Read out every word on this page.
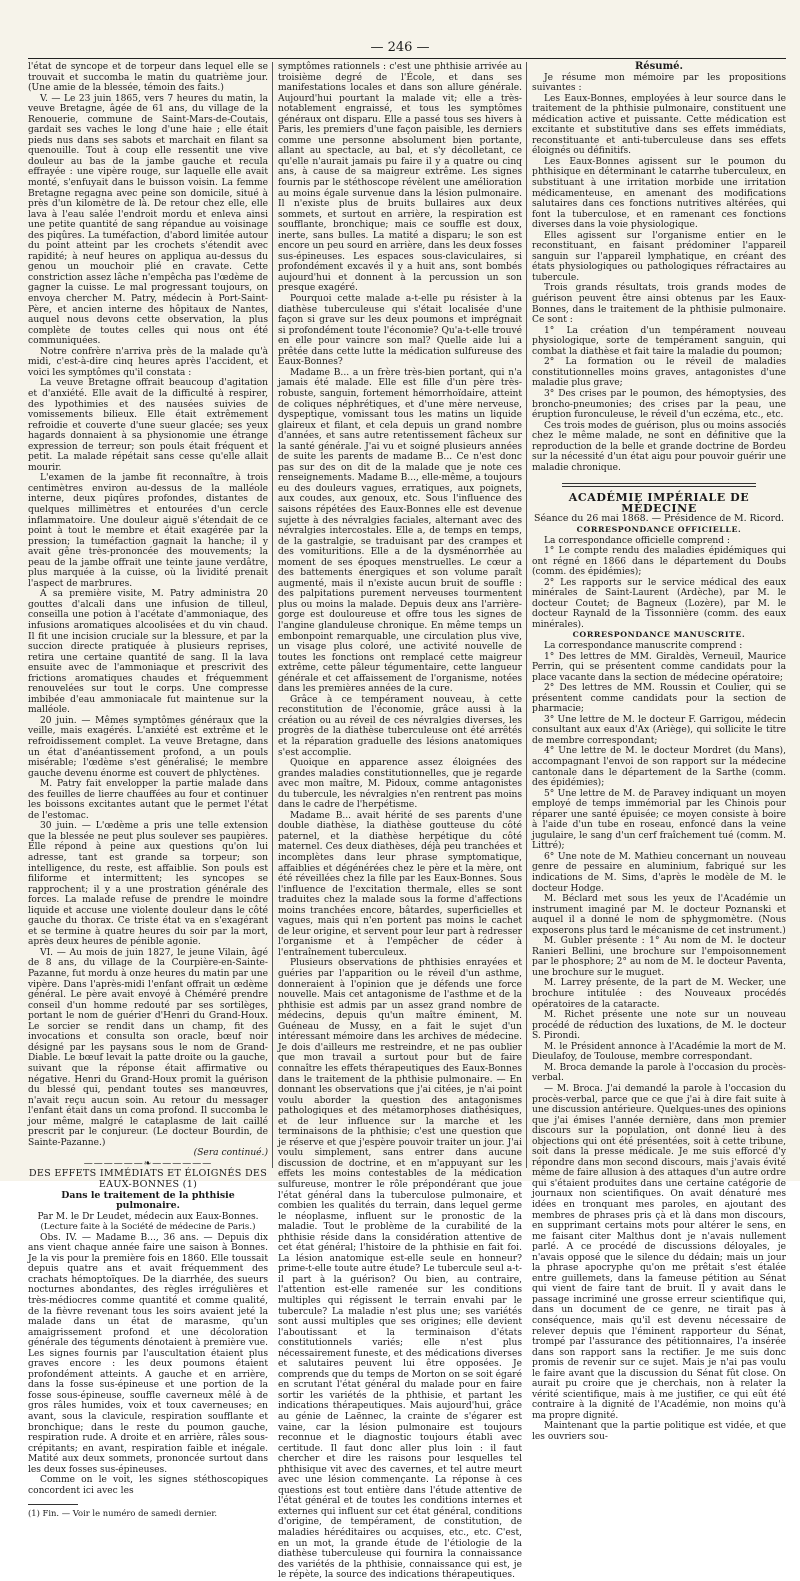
— 246 —

l'état de syncope et de torpeur dans lequel elle se trouvait et succomba le matin du quatrième jour. (Une amie de la blessée, témoin des faits.)

V. — Le 23 juin 1865, vers 7 heures du matin, la veuve Bretagne, âgée de 61 ans, du village de la Renouerie, commune de Saint-Mars-de-Coutais, gardait ses vaches le long d'une haie ; elle était pieds nus dans ses sabots et marchait en filant sa quenouille. Tout à coup elle ressentit une vive douleur au bas de la jambe gauche et recula effrayée : une vipère rouge, sur laquelle elle avait monté, s'enfuyait dans le buisson voisin. La femme Bretagne regagna avec peine son domicile, situé à près d'un kilomètre de là. De retour chez elle, elle lava à l'eau salée l'endroit mordu et enleva ainsi une petite quantité de sang répandue au voisinage des piqûres. La tuméfaction, d'abord limitée autour du point atteint par les crochets s'étendit avec rapidité; à neuf heures on appliqua au-dessus du genou un mouchoir plié en cravate. Cette constriction assez lâche n'empêcha pas l'œdème de gagner la cuisse. Le mal progressant toujours, on envoya chercher M. Patry, médecin à Port-Saint-Père, et ancien interne des hôpitaux de Nantes, auquel nous devons cette observation, la plus complète de toutes celles qui nous ont été communiquées.

Notre confrère n'arriva près de la malade qu'à midi, c'est-à-dire cinq heures après l'accident, et voici les symptômes qu'il constata :

La veuve Bretagne offrait beaucoup d'agitation et d'anxiété. Elle avait de la difficulté à respirer, des lypothimies et des nausées suivies de vomissements bilieux. Elle était extrêmement refroidie et couverte d'une sueur glacée; ses yeux hagards donnaient à sa physionomie une étrange expression de terreur; son pouls était fréquent et petit. La malade répétait sans cesse qu'elle allait mourir.

L'examen de la jambe fit reconnaître, à trois centimètres environ au-dessus de la malléole interne, deux piqûres profondes, distantes de quelques millimètres et entourées d'un cercle inflammatoire. Une douleur aiguë s'étendait de ce point à tout le membre et était exagérée par la pression; la tuméfaction gagnait la hanche; il y avait gêne très-prononcée des mouvements; la peau de la jambe offrait une teinte jaune verdâtre, plus marquée à la cuisse, où la lividité prenait l'aspect de marbrures.

A sa première visite, M. Patry administra 20 gouttes d'alcali dans une infusion de tilleul, conseilla une potion à l'acétate d'ammoniaque, des infusions aromatiques alcoolisées et du vin chaud. Il fit une incision cruciale sur la blessure, et par la succion directe pratiquée à plusieurs reprises, retira une certaine quantité de sang. Il la lava ensuite avec de l'ammoniaque et prescrivit des frictions aromatiques chaudes et fréquemment renouvelées sur tout le corps. Une compresse imbibée d'eau ammoniacale fut maintenue sur la malléole.

20 juin. — Mêmes symptômes généraux que la veille, mais exagérés. L'anxiété est extrême et le refroidissement complet. La veuve Bretagne, dans un état d'anéantissement profond, a un pouls misérable; l'œdème s'est généralisé; le membre gauche devenu énorme est couvert de phlyctènes.

M. Patry fait envelopper la partie malade dans des feuilles de lierre chauffées au four et continuer les boissons excitantes autant que le permet l'état de l'estomac.

30 juin. — L'œdème a pris une telle extension que la blessée ne peut plus soulever ses paupières. Elle répond à peine aux questions qu'on lui adresse, tant est grande sa torpeur; son intelligence, du reste, est affaiblie. Son pouls est filiforme et intermittent; les syncopes se rapprochent; il y a une prostration générale des forces. La malade refuse de prendre le moindre liquide et accuse une violente douleur dans le côté gauche du thorax. Ce triste état va en s'exagérant et se termine à quatre heures du soir par la mort, après deux heures de pénible agonie.

VI. — Au mois de juin 1827, le jeune Vilain, âgé de 8 ans, du village de la Courpière-en-Sainte-Pazanne, fut mordu à onze heures du matin par une vipère. Dans l'après-midi l'enfant offrait un œdème général. Le père avait envoyé à Chéméré prendre conseil d'un homme redouté par ses sortilèges, portant le nom de guérier d'Henri du Grand-Houx. Le sorcier se rendit dans un champ, fit des invocations et consulta son oracle, bœuf noir désigné par les paysans sous le nom de Grand-Diable. Le bœuf levait la patte droite ou la gauche, suivant que la réponse était affirmative ou négative. Henri du Grand-Houx promit la guérison du blessé qui, pendant toutes ses manœuvres, n'avait reçu aucun soin. Au retour du messager l'enfant était dans un coma profond. Il succomba le jour même, malgré le cataplasme de lait caillé prescrit par le conjureur. (Le docteur Bourdin, de Sainte-Pazanne.)

(Sera continué.)

——————❧——————

DES EFFETS IMMÉDIATS ET ÉLOIGNÉS DES EAUX-BONNES (1)

Dans le traitement de la phthisie pulmonaire.

Par M. le Dr Leudet, médecin aux Eaux-Bonnes.

(Lecture faite à la Société de médecine de Paris.)

Obs. IV. — Madame B..., 36 ans. — Depuis dix ans vient chaque année faire une saison à Bonnes. Je la vis pour la première fois en 1860. Elle toussait depuis quatre ans et avait fréquemment des crachats hémoptoïques. De la diarrhée, des sueurs nocturnes abondantes, des règles irrégulières et très-médiocres comme quantité et comme qualité, de la fièvre revenant tous les soirs avaient jeté la malade dans un état de marasme, qu'un amaigrissement profond et une décoloration générale des téguments dénotaient à première vue. Les signes fournis par l'auscultation étaient plus graves encore : les deux poumons étaient profondément atteints. A gauche et en arrière, dans la fosse sus-épineuse et une portion de la fosse sous-épineuse, souffle caverneux mêlé à de gros râles humides, voix et toux caverneuses; en avant, sous la clavicule, respiration soufflante et bronchique; dans le reste du poumon gauche, respiration rude. A droite et en arrière, râles sous-crépitants; en avant, respiration faible et inégale. Matité aux deux sommets, prononcée surtout dans les deux fosses sus-épineuses.

Comme on le voit, les signes stéthoscopiques concordent ici avec les

(1) Fin. — Voir le numéro de samedi dernier.

symptômes rationnels : c'est une phthisie arrivée au troisième degré de l'École, et dans ses manifestations locales et dans son allure générale. Aujourd'hui pourtant la malade vit; elle a très-notablement engraissé, et tous les symptômes généraux ont disparu. Elle a passé tous ses hivers à Paris, les premiers d'une façon paisible, les derniers comme une personne absolument bien portante, allant au spectacle, au bal, et s'y décolletant, ce qu'elle n'aurait jamais pu faire il y a quatre ou cinq ans, à cause de sa maigreur extrême. Les signes fournis par le stéthoscope révèlent une amélioration au moins égale survenue dans la lésion pulmonaire. Il n'existe plus de bruits bullaires aux deux sommets, et surtout en arrière, la respiration est soufflante, bronchique; mais ce souffle est doux, inerte, sans bulles. La matité a disparu; le son est encore un peu sourd en arrière, dans les deux fosses sus-épineuses. Les espaces sous-claviculaires, si profondément excavés il y a huit ans, sont bombés aujourd'hui et donnent à la percussion un son presque exagéré.

Pourquoi cette malade a-t-elle pu résister à la diathèse tuberculeuse qui s'était localisée d'une façon si grave sur les deux poumons et imprégnait si profondément toute l'économie? Qu'a-t-elle trouvé en elle pour vaincre son mal? Quelle aide lui a prêtée dans cette lutte la médication sulfureuse des Eaux-Bonnes?

Madame B... a un frère très-bien portant, qui n'a jamais été malade. Elle est fille d'un père très-robuste, sanguin, fortement hémorrhoïdaire, atteint de coliques néphrétiques, et d'une mère nerveuse, dyspeptique, vomissant tous les matins un liquide glaireux et filant, et cela depuis un grand nombre d'années, et sans autre retentissement fâcheux sur la santé générale. J'ai vu et soigné plusieurs années de suite les parents de madame B... Ce n'est donc pas sur des on dit de la malade que je note ces renseignements. Madame B..., elle-même, a toujours eu des douleurs vagues, erratiques, aux poignets, aux coudes, aux genoux, etc. Sous l'influence des saisons répétées des Eaux-Bonnes elle est devenue sujette à des névralgies faciales, alternant avec des névralgies intercostales. Elle a, de temps en temps, de la gastralgie, se traduisant par des crampes et des vomituritions. Elle a de la dysménorrhée au moment de ses époques menstruelles. Le cœur a des battements énergiques et son volume paraît augmenté, mais il n'existe aucun bruit de souffle : des palpitations purement nerveuses tourmentent plus ou moins la malade. Depuis deux ans l'arrière-gorge est douloureuse et offre tous les signes de l'angine glanduleuse chronique. En même temps un embonpoint remarquable, une circulation plus vive, un visage plus coloré, une activité nouvelle de toutes les fonctions ont remplacé cette maigreur extrême, cette pâleur tégumentaire, cette langueur générale et cet affaissement de l'organisme, notées dans les premières années de la cure.

Grâce à ce tempérament nouveau, à cette reconstitution de l'économie, grâce aussi à la création ou au réveil de ces névralgies diverses, les progrès de la diathèse tuberculeuse ont été arrêtés et la réparation graduelle des lésions anatomiques s'est accomplie.

Quoique en apparence assez éloignées des grandes maladies constitutionnelles, que je regarde avec mon maître, M. Pidoux, comme antagonistes du tubercule, les névralgies n'en rentrent pas moins dans le cadre de l'herpétisme.

Madame B... avait hérité de ses parents d'une double diathèse, la diathèse goutteuse du côté paternel, et la diathèse herpétique du côté maternel. Ces deux diathèses, déjà peu tranchées et incomplètes dans leur phrase symptomatique, affaiblies et dégénérées chez le père et la mère, ont été réveillées chez la fille par les Eaux-Bonnes. Sous l'influence de l'excitation thermale, elles se sont traduites chez la malade sous la forme d'affections moins tranchées encore, bâtardes, superficielles et vagues, mais qui n'en portent pas moins le cachet de leur origine, et servent pour leur part à redresser l'organisme et à l'empêcher de céder à l'entraînement tuberculeux.

Plusieurs observations de phthisies enrayées et guéries par l'apparition ou le réveil d'un asthme, donneraient à l'opinion que je défends une force nouvelle. Mais cet antagonisme de l'asthme et de la phthisie est admis par un assez grand nombre de médecins, depuis qu'un maître éminent, M. Guéneau de Mussy, en a fait le sujet d'un intéressant mémoire dans les archives de médecine. Je dois d'ailleurs me restreindre, et ne pas oublier que mon travail a surtout pour but de faire connaître les effets thérapeutiques des Eaux-Bonnes dans le traitement de la phthisie pulmonaire. — En donnant les observations que j'ai citées, je n'ai point voulu aborder la question des antagonismes pathologiques et des métamorphoses diathésiques, et de leur influence sur la marche et les terminaisons de la phthisie; c'est une question que je réserve et que j'espère pouvoir traiter un jour. J'ai voulu simplement, sans entrer dans aucune discussion de doctrine, et en m'appuyant sur les effets les moins contestables de la médication sulfureuse, montrer le rôle prépondérant que joue l'état général dans la tuberculose pulmonaire, et combien les qualités du terrain, dans lequel germe le néoplasme, influent sur le pronostic de la maladie. Tout le problème de la curabilité de la phthisie réside dans la considération attentive de cet état général; l'histoire de la phthisie en fait foi. La lésion anatomique est-elle seule en honneur? prime-t-elle toute autre étude? Le tubercule seul a-t-il part à la guérison? Ou bien, au contraire, l'attention est-elle ramenée sur les conditions multiples qui régissent le terrain envahi par le tubercule? La maladie n'est plus une; ses variétés sont aussi multiples que ses origines; elle devient l'aboutissant et la terminaison d'états constitutionnels variés; elle n'est plus nécessairement funeste, et des médications diverses et salutaires peuvent lui être opposées. Je comprends que du temps de Morton on se soit égaré en scrutant l'état général du malade pour en faire sortir les variétés de la phthisie, et partant les indications thérapeutiques. Mais aujourd'hui, grâce au génie de Laënnec, la crainte de s'égarer est vaine, car la lésion pulmonaire est toujours reconnue et le diagnostic toujours établi avec certitude. Il faut donc aller plus loin : il faut chercher et dire les raisons pour lesquelles tel phthisique vit avec des cavernes, et tel autre meurt avec une lésion commençante. La réponse à ces questions est tout entière dans l'étude attentive de l'état général et de toutes les conditions internes et externes qui influent sur cet état général, conditions d'origine, de tempérament, de constitution, de maladies héréditaires ou acquises, etc., etc. C'est, en un mot, la grande étude de l'étiologie de la diathèse tuberculeuse qui fournira la connaissance des variétés de la phthisie, connaissance qui est, je le répète, la source des indications thérapeutiques.

Résumé.

Je résume mon mémoire par les propositions suivantes :

Les Eaux-Bonnes, employées à leur source dans le traitement de la phthisie pulmonaire, constituent une médication active et puissante. Cette médication est excitante et substitutive dans ses effets immédiats, reconstituante et anti-tuberculeuse dans ses effets éloignés ou définitifs.

Les Eaux-Bonnes agissent sur le poumon du phthisique en déterminant le catarrhe tuberculeux, en substituant à une irritation morbide une irritation médicamenteuse, en amenant des modifications salutaires dans ces fonctions nutritives altérées, qui font la tuberculose, et en ramenant ces fonctions diverses dans la voie physiologique.

Elles agissent sur l'organisme entier en le reconstituant, en faisant prédominer l'appareil sanguin sur l'appareil lymphatique, en créant des états physiologiques ou pathologiques réfractaires au tubercule.

Trois grands résultats, trois grands modes de guérison peuvent être ainsi obtenus par les Eaux-Bonnes, dans le traitement de la phthisie pulmonaire. Ce sont :

1° La création d'un tempérament nouveau physiologique, sorte de tempérament sanguin, qui combat la diathèse et fait taire la maladie du poumon;

2° La formation ou le réveil de maladies constitutionnelles moins graves, antagonistes d'une maladie plus grave;

3° Des crises par le poumon, des hémoptysies, des broncho-pneumonies; des crises par la peau, une éruption furonculeuse, le réveil d'un eczéma, etc., etc.

Ces trois modes de guérison, plus ou moins associés chez le même malade, ne sont en définitive que la reproduction de la belle et grande doctrine de Bordeu sur la nécessité d'un état aigu pour pouvoir guérir une maladie chronique.

ACADÉMIE IMPÉRIALE DE MÉDECINE

Séance du 26 mai 1868. — Présidence de M. Ricord.

CORRESPONDANCE OFFICIELLE.

La correspondance officielle comprend :

1° Le compte rendu des maladies épidémiques qui ont régné en 1866 dans le département du Doubs (comm. des épidémies);

2° Les rapports sur le service médical des eaux minérales de Saint-Laurent (Ardèche), par M. le docteur Coutet; de Bagneux (Lozère), par M. le docteur Raynald de la Tissonnière (comm. des eaux minérales).

CORRESPONDANCE MANUSCRITE.

La correspondance manuscrite comprend :

1° Des lettres de MM. Giraldès, Verneuil, Maurice Perrin, qui se présentent comme candidats pour la place vacante dans la section de médecine opératoire;

2° Des lettres de MM. Roussin et Coulier, qui se présentent comme candidats pour la section de pharmacie;

3° Une lettre de M. le docteur F. Garrigou, médecin consultant aux eaux d'Ax (Ariège), qui sollicite le titre de membre correspondant;

4° Une lettre de M. le docteur Mordret (du Mans), accompagnant l'envoi de son rapport sur la médecine cantonale dans le département de la Sarthe (comm. des épidémies);

5° Une lettre de M. de Paravey indiquant un moyen employé de temps immémorial par les Chinois pour réparer une santé épuisée; ce moyen consiste à boire à l'aide d'un tube en roseau, enfoncé dans la veine jugulaire, le sang d'un cerf fraîchement tué (comm. M. Littré);

6° Une note de M. Mathieu concernant un nouveau genre de pessaire en aluminium, fabriqué sur les indications de M. Sims, d'après le modèle de M. le docteur Hodge.

M. Béclard met sous les yeux de l'Académie un instrument imaginé par M. le docteur Poznanski et auquel il a donné le nom de sphygmomètre. (Nous exposerons plus tard le mécanisme de cet instrument.)

M. Gubler présente : 1° Au nom de M. le docteur Ranieri Bellini, une brochure sur l'empoisonnement par le phosphore; 2° au nom de M. le docteur Paventa, une brochure sur le muguet.

M. Larrey présente, de la part de M. Wecker, une brochure intitulée : des Nouveaux procédés opératoires de la cataracte.

M. Richet présente une note sur un nouveau procédé de réduction des luxations, de M. le docteur S. Pirondi.

M. le Président annonce à l'Académie la mort de M. Dieulafoy, de Toulouse, membre correspondant.

M. Broca demande la parole à l'occasion du procès-verbal.

— M. Broca. J'ai demandé la parole à l'occasion du procès-verbal, parce que ce que j'ai à dire fait suite à une discussion antérieure. Quelques-unes des opinions que j'ai émises l'année dernière, dans mon premier discours sur la population, ont donné lieu à des objections qui ont été présentées, soit à cette tribune, soit dans la presse médicale. Je me suis efforcé d'y répondre dans mon second discours, mais j'avais évité même de faire allusion à des attaques d'un autre ordre qui s'étaient produites dans une certaine catégorie de journaux non scientifiques. On avait dénaturé mes idées en tronquant mes paroles, en ajoutant des membres de phrases pris çà et là dans mon discours, en supprimant certains mots pour altérer le sens, en me faisant citer Malthus dont je n'avais nullement parlé. A ce procédé de discussions déloyales, je n'avais opposé que le silence du dédain; mais un jour la phrase apocryphe qu'on me prêtait s'est étalée entre guillemets, dans la fameuse pétition au Sénat qui vient de faire tant de bruit. Il y avait dans le passage incriminé une grosse erreur scientifique qui, dans un document de ce genre, ne tirait pas à conséquence, mais qu'il est devenu nécessaire de relever depuis que l'éminent rapporteur du Sénat, trompé par l'assurance des pétitionnaires, l'a insérée dans son rapport sans la rectifier. Je me suis donc promis de revenir sur ce sujet. Mais je n'ai pas voulu le faire avant que la discussion du Sénat fût close. On aurait pu croire que je cherchais, non à relater la vérité scientifique, mais à me justifier, ce qui eût été contraire à la dignité de l'Académie, non moins qu'à ma propre dignité.

Maintenant que la partie politique est vidée, et que les ouvriers sou-
